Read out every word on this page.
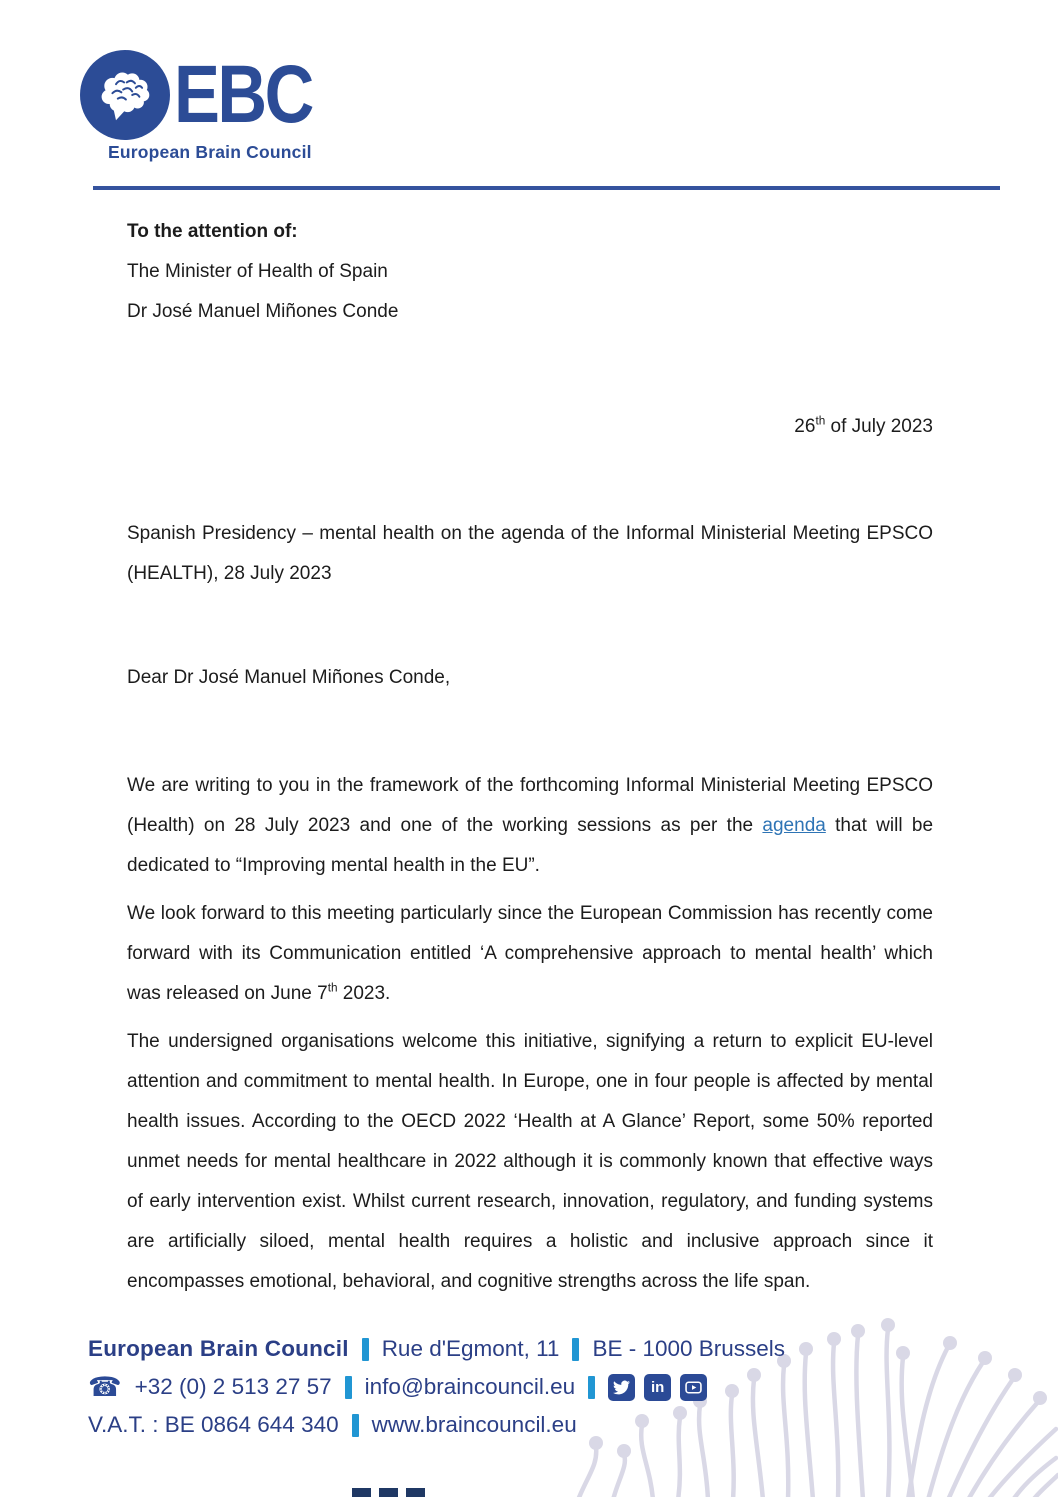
EBC
European Brain Council
To the attention of:
The Minister of Health of Spain
Dr José Manuel Miñones Conde
26th of July 2023
Spanish Presidency – mental health on the agenda of the Informal Ministerial Meeting EPSCO (HEALTH), 28 July 2023
Dear Dr José Manuel Miñones Conde,
We are writing to you in the framework of the forthcoming Informal Ministerial Meeting EPSCO (Health) on 28 July 2023 and one of the working sessions as per the agenda that will be dedicated to “Improving mental health in the EU”.
We look forward to this meeting particularly since the European Commission has recently come forward with its Communication entitled ‘A comprehensive approach to mental health’ which was released on June 7th 2023.
The undersigned organisations welcome this initiative, signifying a return to explicit EU-level attention and commitment to mental health. In Europe, one in four people is affected by mental health issues. According to the OECD 2022 ‘Health at A Glance’ Report, some 50% reported unmet needs for mental healthcare in 2022 although it is commonly known that effective ways of early intervention exist. Whilst current research, innovation, regulatory, and funding systems are artificially siloed, mental health requires a holistic and inclusive approach since it encompasses emotional, behavioral, and cognitive strengths across the life span.
European Brain Council Rue d'Egmont, 11 BE - 1000 Brussels
☎ +32 (0) 2 513 27 57 info@braincouncil.eu	in
V.A.T. : BE 0864 644 340 www.braincouncil.eu
